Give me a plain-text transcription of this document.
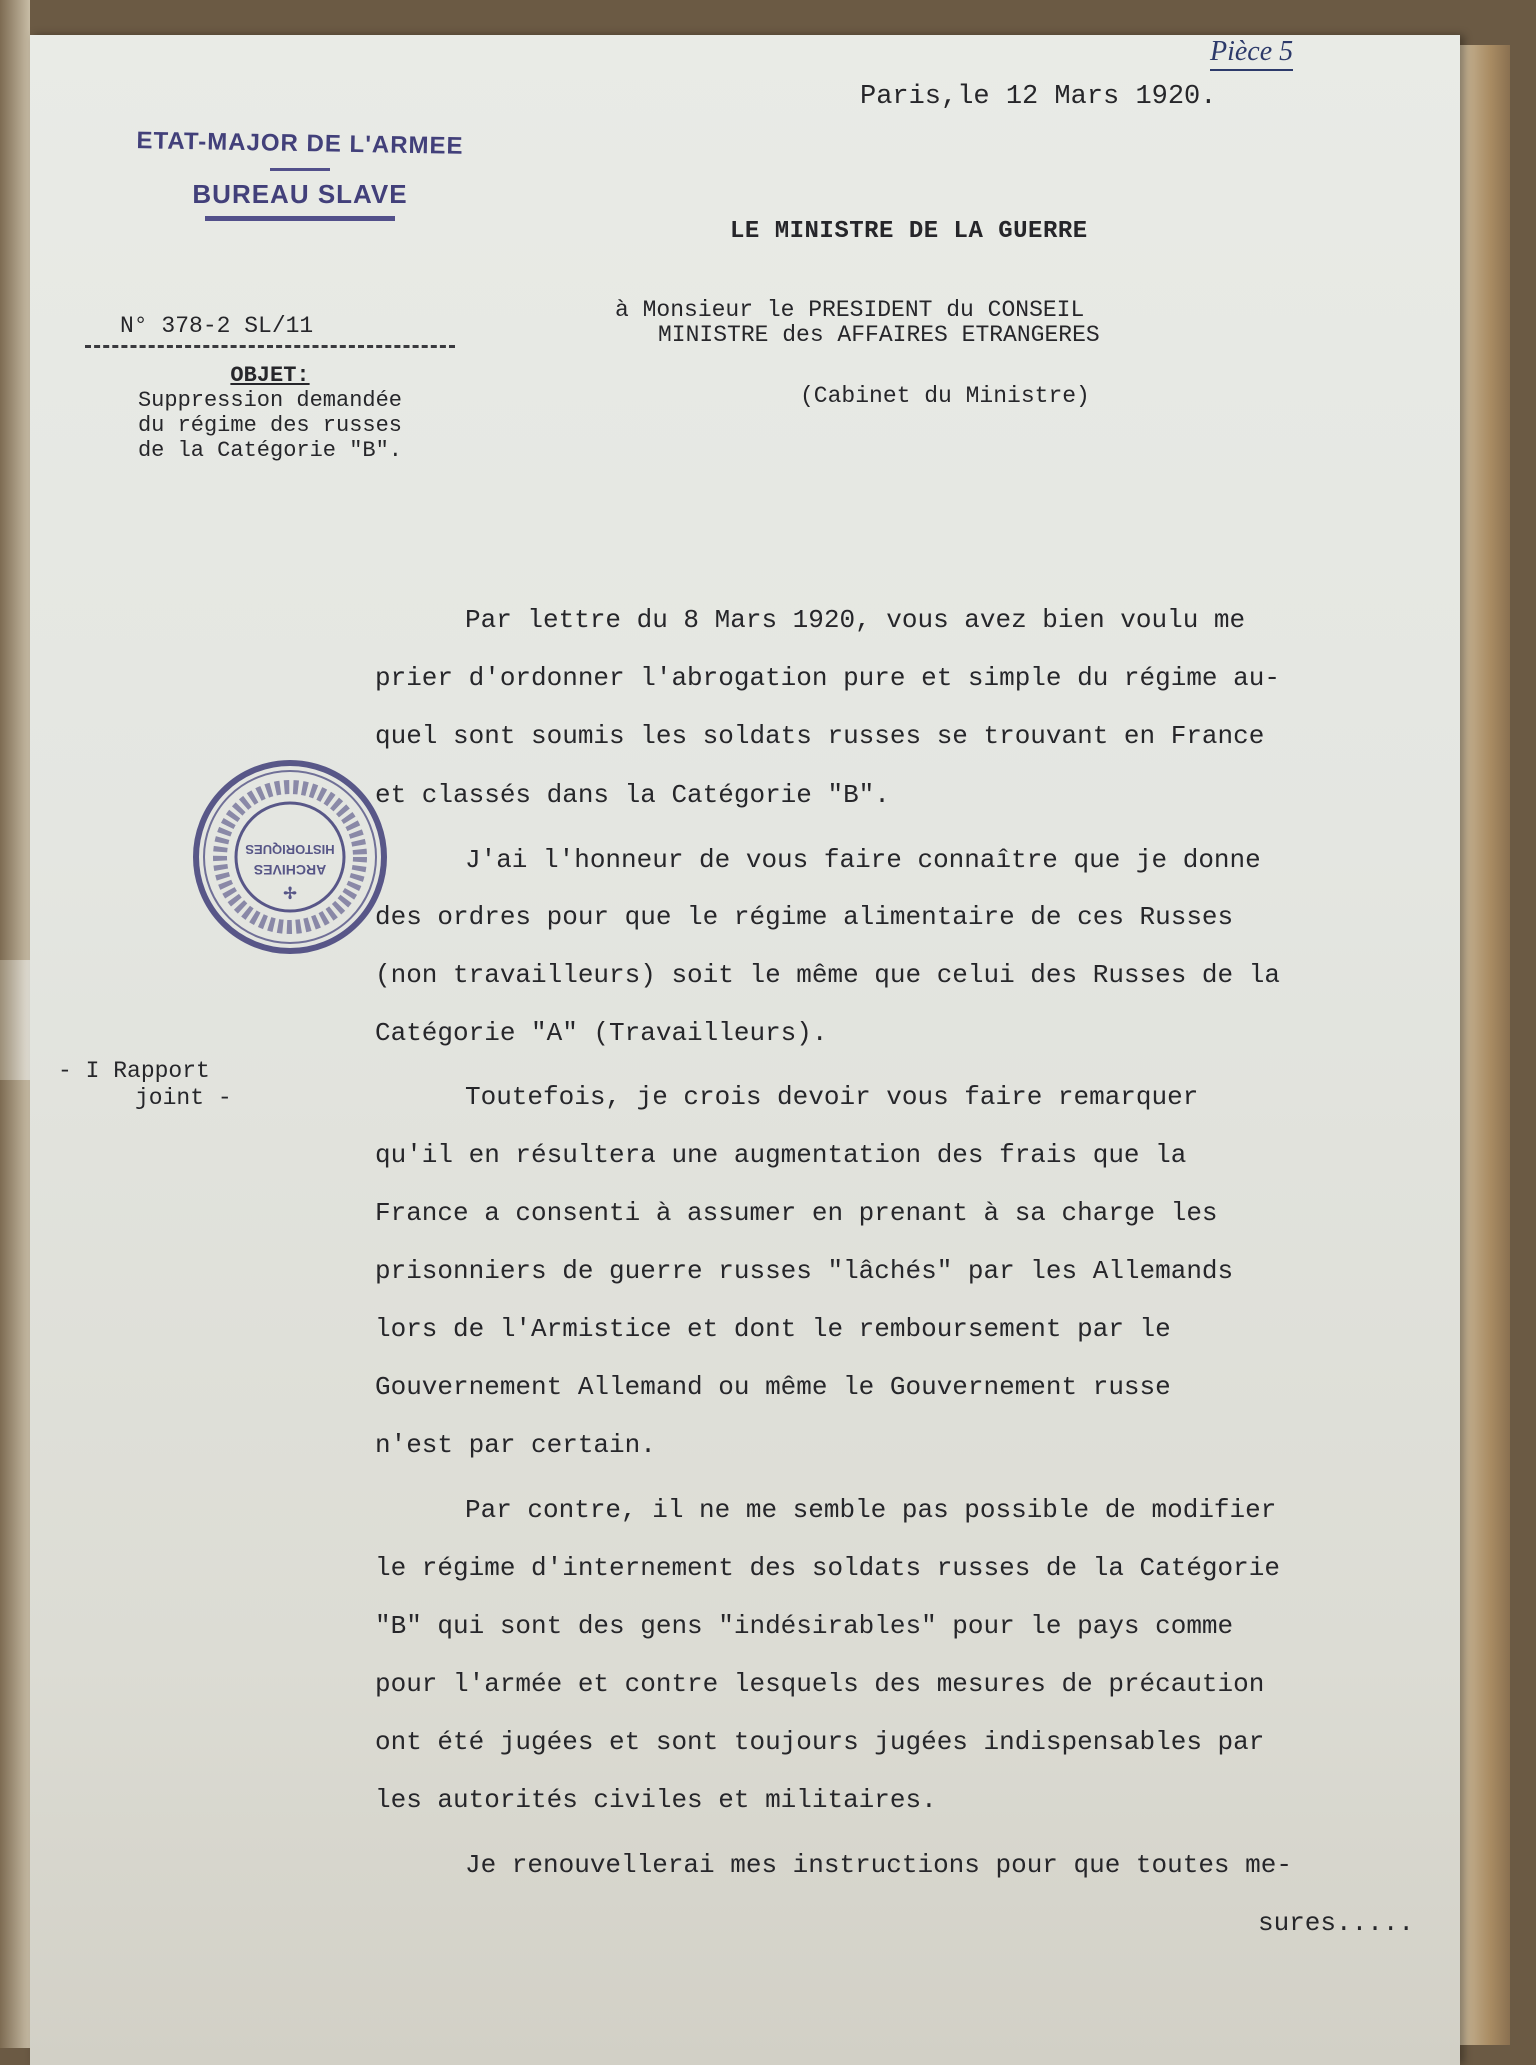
Pièce 5
Paris,le 12 Mars 1920.
ETAT-MAJOR DE L'ARMEE
BUREAU SLAVE
N° 378-2 SL/11
OBJET:
Suppression demandée
du régime des russes
de la Catégorie "B".
LE MINISTRE DE LA GUERRE
à Monsieur le PRESIDENT du CONSEIL
MINISTRE des AFFAIRES ETRANGERES
(Cabinet du Ministre)
ARCHIVES
HISTORIQUES
✢
- I Rapport
joint -
Par lettre du 8 Mars 1920, vous avez bien voulu me
prier d'ordonner l'abrogation pure et simple du régime au-
quel sont soumis les soldats russes se trouvant en France
et classés dans la Catégorie "B".
J'ai l'honneur de vous faire connaître que je donne
des ordres pour que le régime alimentaire de ces Russes
(non travailleurs) soit le même que celui des Russes de la
Catégorie "A" (Travailleurs).
Toutefois, je crois devoir vous faire remarquer
qu'il en résultera une augmentation des frais que la
France a consenti à assumer en prenant à sa charge les
prisonniers de guerre russes "lâchés" par les Allemands
lors de l'Armistice et dont le remboursement par le
Gouvernement Allemand ou même le Gouvernement russe
n'est par certain.
Par contre, il ne me semble pas possible de modifier
le régime d'internement des soldats russes de la Catégorie
"B" qui sont des gens "indésirables" pour le pays comme
pour l'armée et contre lesquels des mesures de précaution
ont été jugées et sont toujours jugées indispensables par
les autorités civiles et militaires.
Je renouvellerai mes instructions pour que toutes me-
sures.....
